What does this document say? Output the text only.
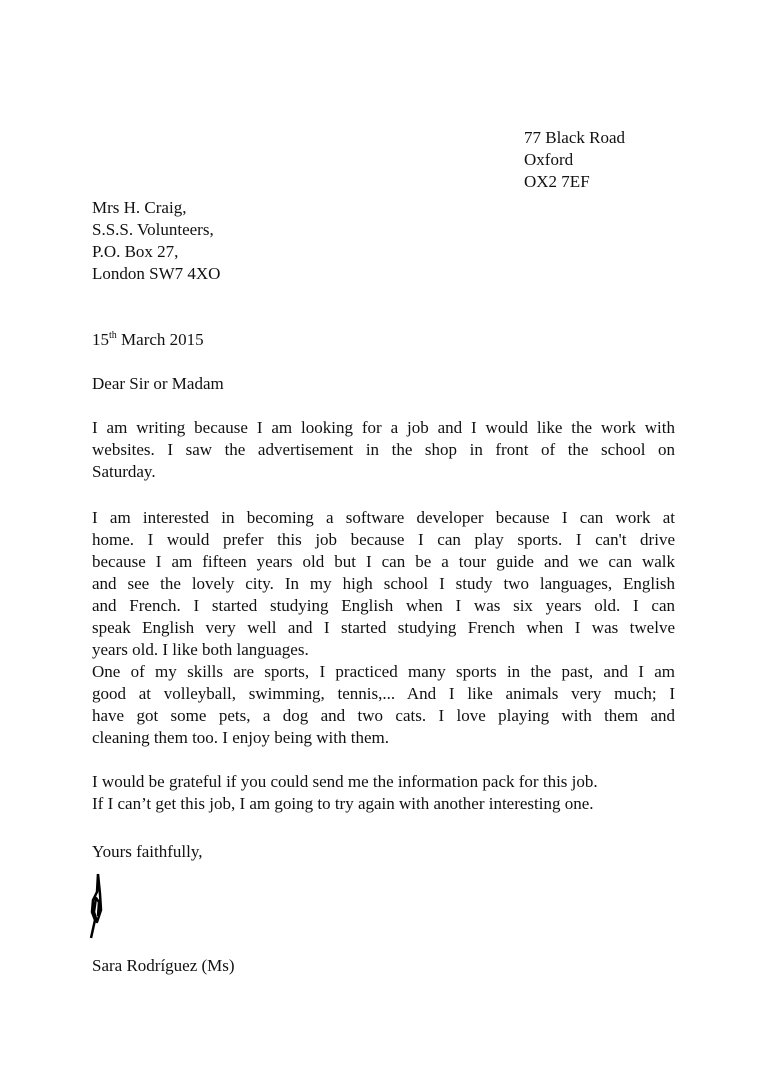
77 Black Road
Oxford
OX2 7EF
Mrs H. Craig,
S.S.S. Volunteers,
P.O. Box 27,
London SW7 4XO
15th March 2015
Dear Sir or Madam
I am writing because I am looking for a job and I would like the work with
websites. I saw the advertisement in the shop in front of the school on
Saturday.
I am interested in becoming a software developer because I can work at
home. I would prefer this job because I can play sports. I can't drive
because I am fifteen years old but I can be a tour guide and we can walk
and see the lovely city. In my high school I study two languages, English
and French. I started studying English when I was six years old. I can
speak English very well and I started studying French when I was twelve
years old. I like both languages.
One of my skills are sports, I practiced many sports in the past, and I am
good at volleyball, swimming, tennis,... And I like animals very much; I
have got some pets, a dog and two cats. I love playing with them and
cleaning them too. I enjoy being with them.
I would be grateful if you could send me the information pack for this job.
If I can’t get this job, I am going to try again with another interesting one.
Yours faithfully,
Sara Rodríguez (Ms)
